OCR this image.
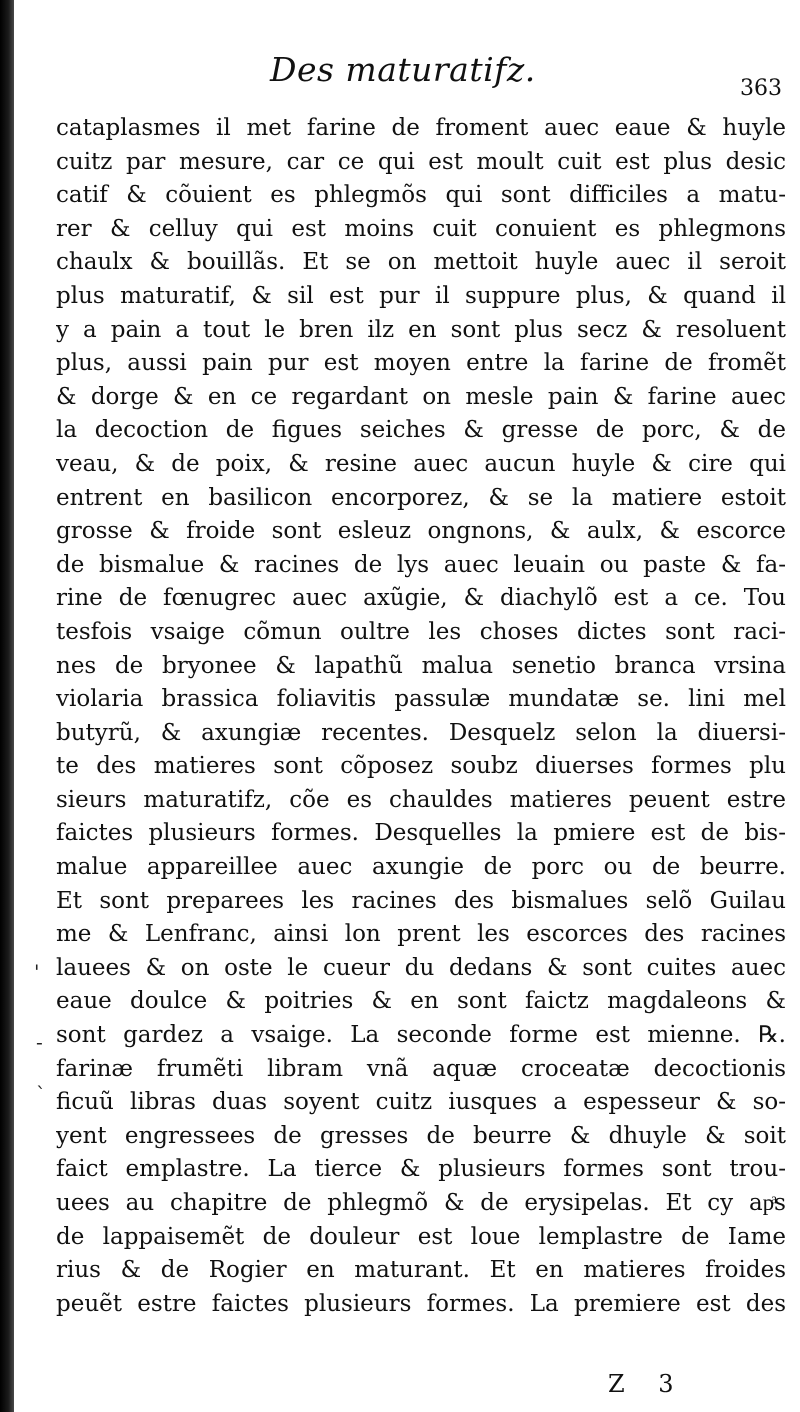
Des maturatifz.	363
cataplasmes il met farine de froment auec eaue & huyle
cuitz par mesure, car ce qui est moult cuit est plus desic
catif & cõuient es phlegmõs qui sont difficiles a matu-
rer & celluy qui est moins cuit conuient es phlegmons
chaulx & bouillãs. Et se on mettoit huyle auec il seroit
plus maturatif, & sil est pur il suppure plus, & quand il
y a pain a tout le bren ilz en sont plus secz & resoluent
plus, aussi pain pur est moyen entre la farine de fromẽt
& dorge & en ce regardant on mesle pain & farine auec
la decoction de figues seiches & gresse de porc, & de
veau, & de poix, & resine auec aucun huyle & cire qui
entrent en basilicon encorporez, & se la matiere estoit
grosse & froide sont esleuz ongnons, & aulx, & escorce
de bismalue & racines de lys auec leuain ou paste & fa-
rine de fœnugrec auec axũgie, & diachylõ est a ce. Tou
tesfois vsaige cõmun oultre les choses dictes sont raci-
nes de bryonee & lapathũ malua senetio branca vrsina
violaria brassica foliavitis passulæ mundatæ se. lini mel
butyrũ, & axungiæ recentes. Desquelz selon la diuersi-
te des matieres sont cõposez soubz diuerses formes plu
sieurs maturatifz, cõe es chauldes matieres peuent estre
faictes plusieurs formes. Desquelles la pmiere est de bis-
malue appareillee auec axungie de porc ou de beurre.
Et sont preparees les racines des bismalues selõ Guilau
me & Lenfranc, ainsi lon prent les escorces des racines
lauees & on oste le cueur du dedans & sont cuites auec
eaue doulce & poitries & en sont faictz magdaleons &
sont gardez a vsaige. La seconde forme est mienne. ℞.
farinæ frumẽti libram vnã aquæ croceatæ decoctionis
ficuũ libras duas soyent cuitz iusques a espesseur & so-
yent engressees de gresses de beurre & dhuyle & soit
faict emplastre. La tierce & plusieurs formes sont trou-
uees au chapitre de phlegmõ & de erysipelas. Et cy apͣs
de lappaisemẽt de douleur est loue lemplastre de Iame
rius & de Rogier en maturant. Et en matieres froides
peuẽt estre faictes plusieurs formes. La premiere est des
'
-
`
Z 3
